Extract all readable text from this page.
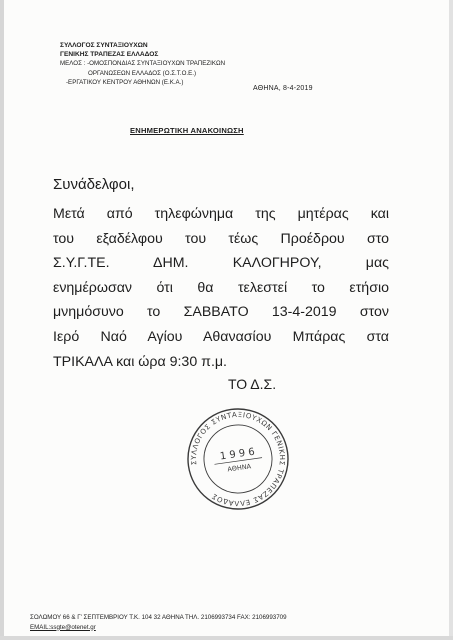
ΣΥΛΛΟΓΟΣ ΣΥΝΤΑΞΙΟΥΧΩΝ
ΓΕΝΙΚΗΣ ΤΡΑΠΕΖΑΣ ΕΛΛΑΔΟΣ
ΜΕΛΟΣ : -ΟΜΟΣΠΟΝΔΙΑΣ ΣΥΝΤΑΞΙΟΥΧΩΝ ΤΡΑΠΕΖΙΚΩΝ
ΟΡΓΑΝΩΣΕΩΝ ΕΛΛΑΔΟΣ (Ο.Σ.Τ.Ο.Ε.)
-ΕΡΓΑΤΙΚΟΥ ΚΕΝΤΡΟΥ ΑΘΗΝΩΝ (Ε.Κ.Α.)
ΑΘΗΝΑ, 8-4-2019
ΕΝΗΜΕΡΩΤΙΚΗ ΑΝΑΚΟΙΝΩΣΗ
Συνάδελφοι,
Μετά από τηλεφώνημα της μητέρας και
του εξαδέλφου του τέως Προέδρου στο
Σ.Υ.Γ.ΤΕ. ΔΗΜ. ΚΑΛΟΓΗΡΟΥ, μας
ενημέρωσαν ότι θα τελεστεί το ετήσιο
μνημόσυνο το ΣΑΒΒΑΤΟ 13-4-2019 στον
Ιερό Ναό Αγίου Αθανασίου Μπάρας στα
ΤΡΙΚΑΛΑ και ώρα 9:30 π.μ.
ΤΟ Δ.Σ.
ΣΥΛΛΟΓΟΣ ΣΥΝΤΑΞΙΟΥΧΩΝ ΓΕΝΙΚΗΣ ΤΡΑΠΕΖΑΣ ΕΛΛΑΔΟΣ
1 9 9 6
ΑΘΗΝΑ
ΣΟΛΩΜΟΥ 66 & Γ' ΣΕΠΤΕΜΒΡΙΟΥ Τ.Κ. 104 32 ΑΘΗΝΑ ΤΗΛ. 2106993734 FAX: 2106993709
EMAIL:ssgte@otenet.gr
